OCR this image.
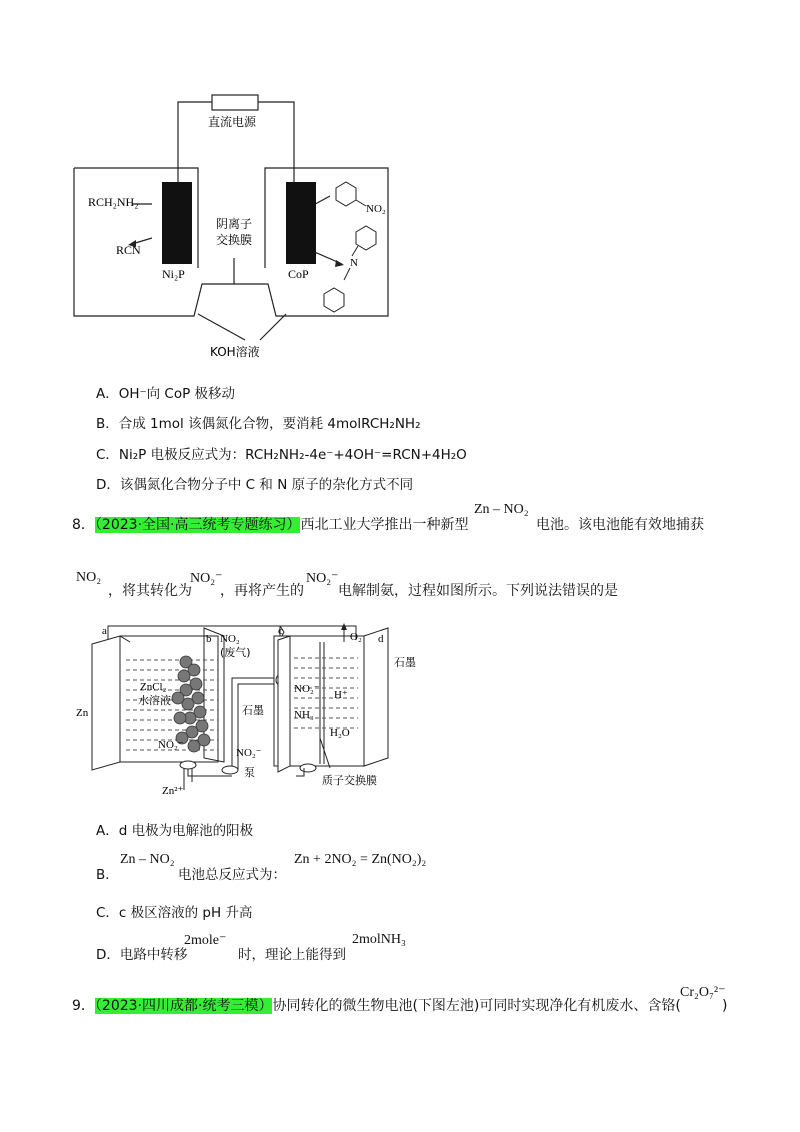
直流电源
阴离子
交换膜
RCH₂NH₂
RCN
Ni₂P	CoP
NO₂
N
KOH溶液
A．OH⁻向 CoP 极移动
B．合成 1mol 该偶氮化合物，要消耗 4molRCH₂NH₂
C．Ni₂P 电极反应式为：RCH₂NH₂-4e⁻+4OH⁻=RCN+4H₂O
D．该偶氮化合物分子中 C 和 N 原子的杂化方式不同
8．（2023·全国·高三统考专题练习）西北工业大学推出一种新型
Zn – NO₂
电池。该电池能有效地捕获
NO₂
，将其转化为
NO₂⁻
，再将产生的
NO₂⁻
电解制氨，过程如图所示。下列说法错误的是
a
b
c
d
Zn
NO₂
(废气)
ZnCl₂
水溶液
NO₂⁻
NO₂⁻
泵
Zn²⁺
石墨
石墨
O₂
NO₂⁻
NH₃
H⁺
H₂O
质子交换膜
A．d 电极为电解池的阳极
B．
Zn – NO₂
电池总反应式为：
Zn + 2NO₂ = Zn(NO₂)₂
C．c 极区溶液的 pH 升高
D．电路中转移
2mole⁻
时，理论上能得到
2molNH₃
9．（2023·四川成都·统考三模）协同转化的微生物电池(下图左池)可同时实现净化有机废水、含铬(
Cr₂O₇²⁻
)
